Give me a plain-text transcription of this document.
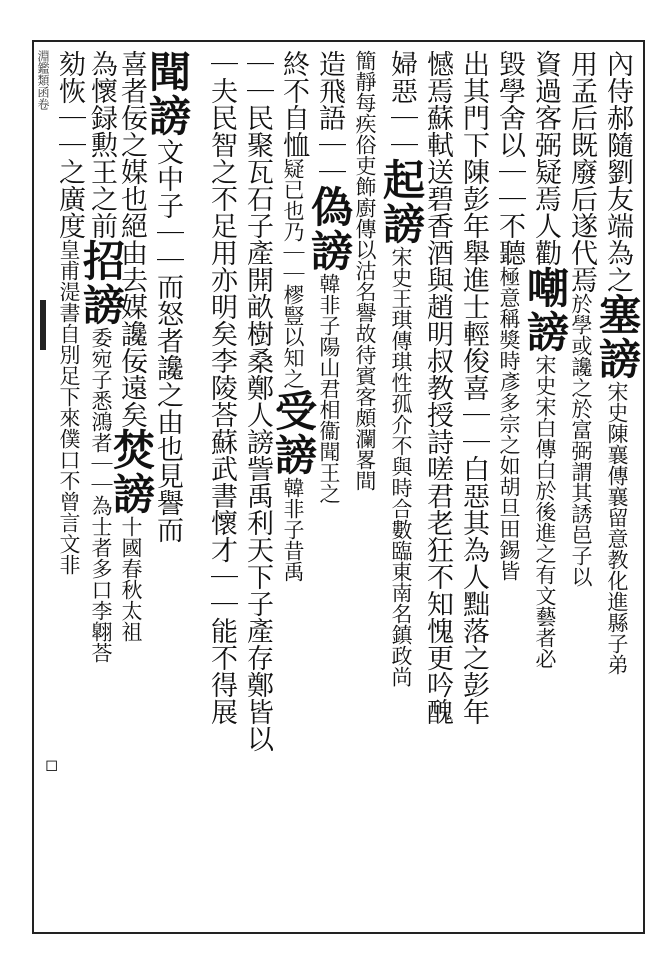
淵鑑類函卷
◻
內侍郝隨劉友端為之塞謗宋史陳襄傳襄留意教化進縣子弟
用孟后既廢后遂代焉於學或讒之於富弼謂其誘邑子以
資過客弼疑焉人勸嘲謗宋史宋白傳白於後進之有文藝者必
毀學舍以｜｜不聽極意稱獎時彥多宗之如胡旦田錫皆
出其門下陳彭年舉進士輕俊喜｜｜白惡其為人黜落之彭年
憾焉蘇軾送碧香酒與趙明叔教授詩嗟君老狂不知愧更吟醜
婦惡｜｜起謗宋史王琪傳琪性孤介不與時合數臨東南名鎮政尚
簡靜每疾俗吏飾廚傳以沽名譽故待賓客頗瀾畧間
造飛語｜｜偽謗韓非子陽山君相衞聞王之
終不自恤疑已也乃｜｜樛豎以知之受謗韓非子昔禹
｜｜民聚瓦石子產開畝樹桑鄭人謗訾禹利天下子產存鄭皆以
｜夫民智之不足用亦明矣李陵荅蘇武書懷才｜｜能不得展
聞謗文中子｜｜而怒者讒之由也見譽而
喜者佞之媒也絕由去媒讒佞遠矣焚謗十國春秋太祖
為懷録勲王之前招謗委宛子悉鴻者｜｜為士者多口李翺荅
劾恢｜｜之廣度皇甫湜書自別足下來僕口不曾言文非
